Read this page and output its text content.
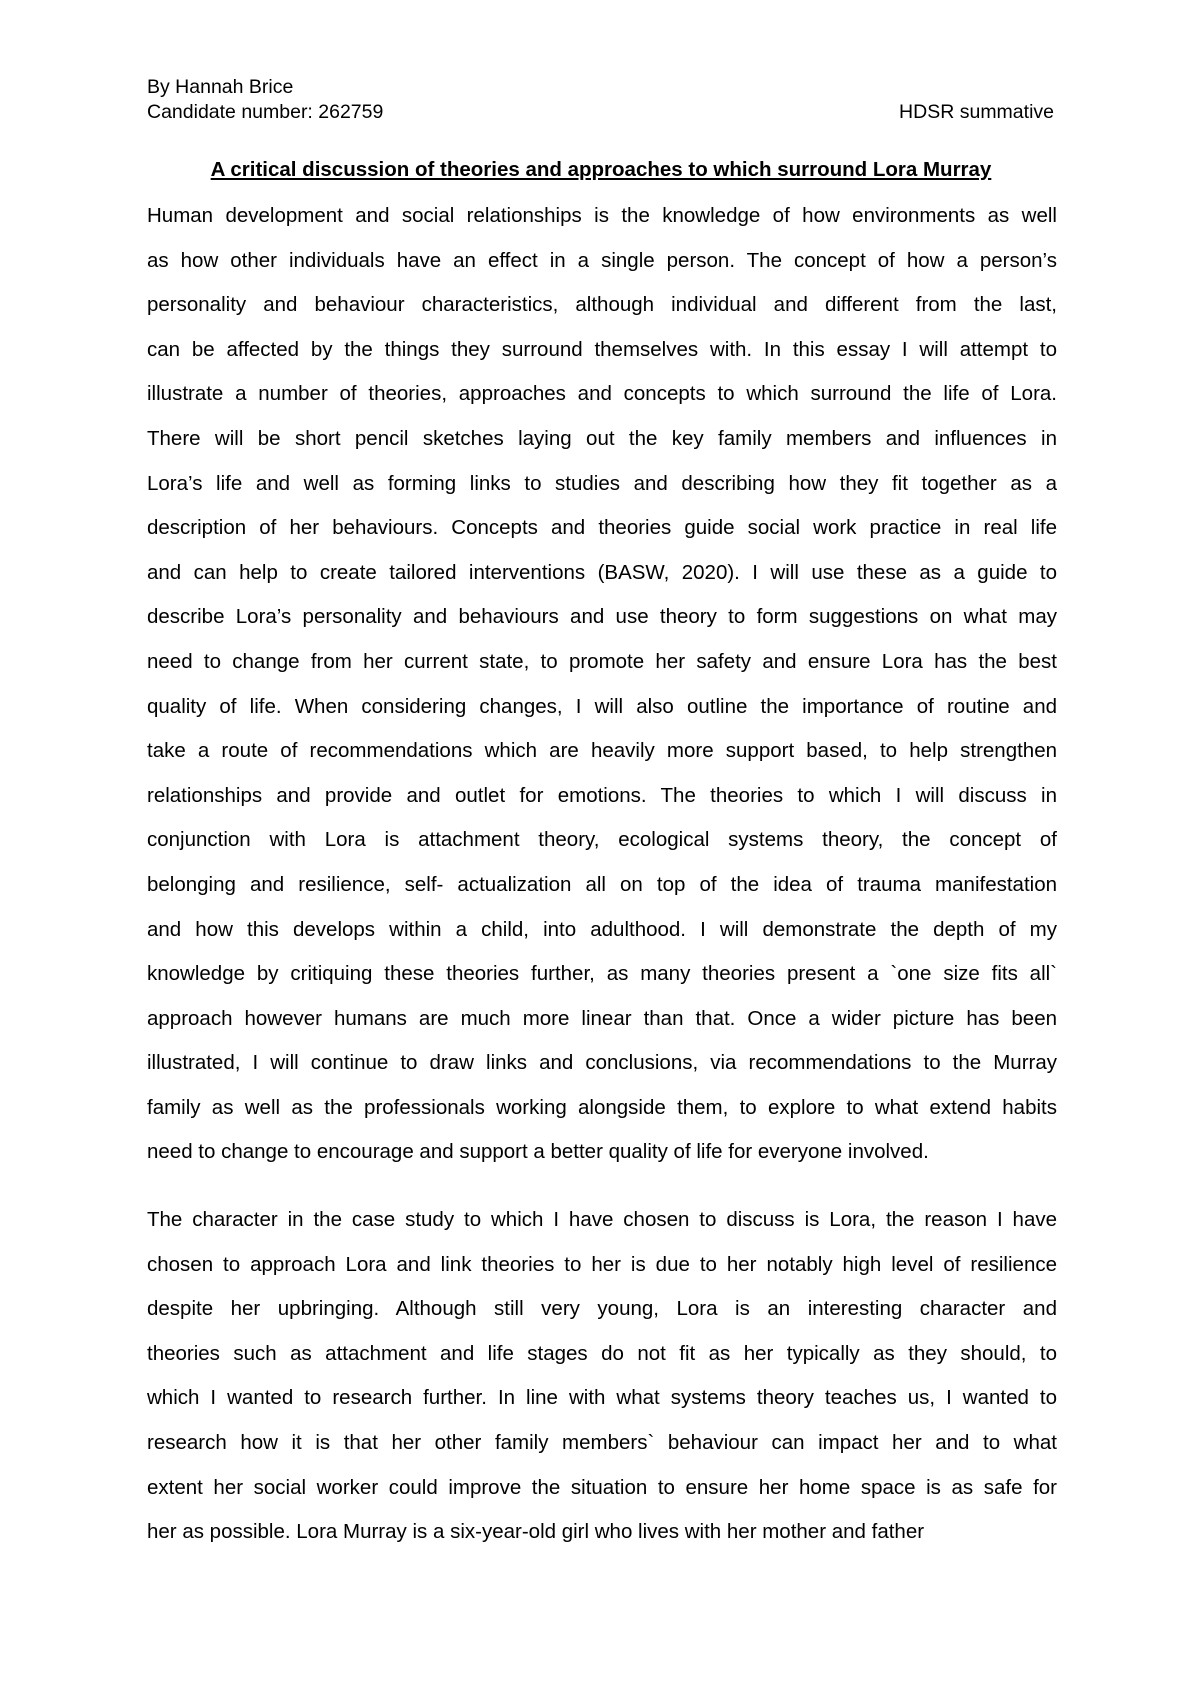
By Hannah Brice
Candidate number: 262759	HDSR summative
A critical discussion of theories and approaches to which surround Lora Murray
Human development and social relationships is the knowledge of how environments as well
as how other individuals have an effect in a single person. The concept of how a person’s
personality and behaviour characteristics, although individual and different from the last,
can be affected by the things they surround themselves with. In this essay I will attempt to
illustrate a number of theories, approaches and concepts to which surround the life of Lora.
There will be short pencil sketches laying out the key family members and influences in
Lora’s life and well as forming links to studies and describing how they fit together as a
description of her behaviours. Concepts and theories guide social work practice in real life
and can help to create tailored interventions (BASW, 2020). I will use these as a guide to
describe Lora’s personality and behaviours and use theory to form suggestions on what may
need to change from her current state, to promote her safety and ensure Lora has the best
quality of life. When considering changes, I will also outline the importance of routine and
take a route of recommendations which are heavily more support based, to help strengthen
relationships and provide and outlet for emotions. The theories to which I will discuss in
conjunction with Lora is attachment theory, ecological systems theory, the concept of
belonging and resilience, self- actualization all on top of the idea of trauma manifestation
and how this develops within a child, into adulthood. I will demonstrate the depth of my
knowledge by critiquing these theories further, as many theories present a `one size fits all`
approach however humans are much more linear than that. Once a wider picture has been
illustrated, I will continue to draw links and conclusions, via recommendations to the Murray
family as well as the professionals working alongside them, to explore to what extend habits
need to change to encourage and support a better quality of life for everyone involved.
The character in the case study to which I have chosen to discuss is Lora, the reason I have
chosen to approach Lora and link theories to her is due to her notably high level of resilience
despite her upbringing. Although still very young, Lora is an interesting character and
theories such as attachment and life stages do not fit as her typically as they should, to
which I wanted to research further. In line with what systems theory teaches us, I wanted to
research how it is that her other family members` behaviour can impact her and to what
extent her social worker could improve the situation to ensure her home space is as safe for
her as possible. Lora Murray is a six-year-old girl who lives with her mother and father
